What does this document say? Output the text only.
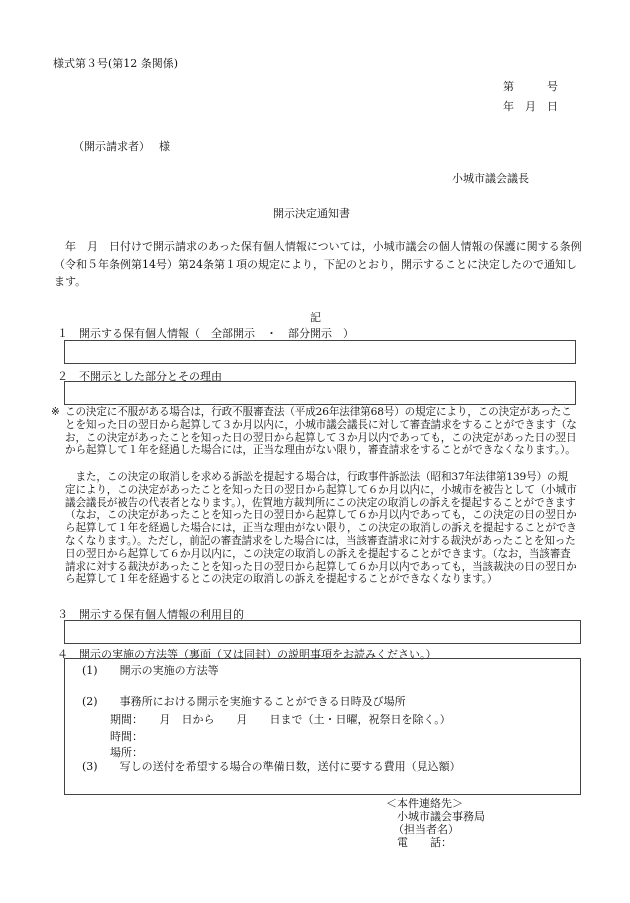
様式第３号(第12 条関係)
第　　　号
年　月　日
（開示請求者）　 様
小城市議会議長
開示決定通知書
　年　月　日付けで開示請求のあった保有個人情報については，小城市議会の個人情報の保護に関する条例（令和５年条例第14号）第24条第１項の規定により，下記のとおり，開示することに決定したので通知します。
記
１　開示する保有個人情報（　全部開示　・　部分開示　）
２　不開示とした部分とその理由
※ この決定に不服がある場合は，行政不服審査法（平成26年法律第68号）の規定により，この決定があったことを知った日の翌日から起算して３か月以内に，小城市議会議長に対して審査請求をすることができます（なお，この決定があったことを知った日の翌日から起算して３か月以内であっても，この決定があった日の翌日から起算して１年を経過した場合には，正当な理由がない限り，審査請求をすることができなくなります。）。
　また，この決定の取消しを求める訴訟を提起する場合は，行政事件訴訟法（昭和37年法律第139号）の規定により，この決定があったことを知った日の翌日から起算して６か月以内に，小城市を被告として（小城市議会議長が被告の代表者となります。），佐賀地方裁判所にこの決定の取消しの訴えを提起することができます（なお，この決定があったことを知った日の翌日から起算して６か月以内であっても，この決定の日の翌日から起算して１年を経過した場合には，正当な理由がない限り，この決定の取消しの訴えを提起することができなくなります。）。ただし，前記の審査請求をした場合には，当該審査請求に対する裁決があったことを知った日の翌日から起算して６か月以内に，この決定の取消しの訴えを提起することができます。（なお，当該審査請求に対する裁決があったことを知った日の翌日から起算して６か月以内であっても，当該裁決の日の翌日から起算して１年を経過するとこの決定の取消しの訴えを提起することができなくなります。）
３　開示する保有個人情報の利用目的
４　開示の実施の方法等（裏面（又は同封）の説明事項をお読みください。）
(1)　　開示の実施の方法等
(2)　　事務所における開示を実施することができる日時及び場所
期間：　　月　日から　　月　　日まで（土・日曜，祝祭日を除く。）
時間：
場所：
(3)　　写しの送付を希望する場合の準備日数，送付に要する費用（見込額）
＜本件連絡先＞
小城市議会事務局
（担当者名）
電　　話：
